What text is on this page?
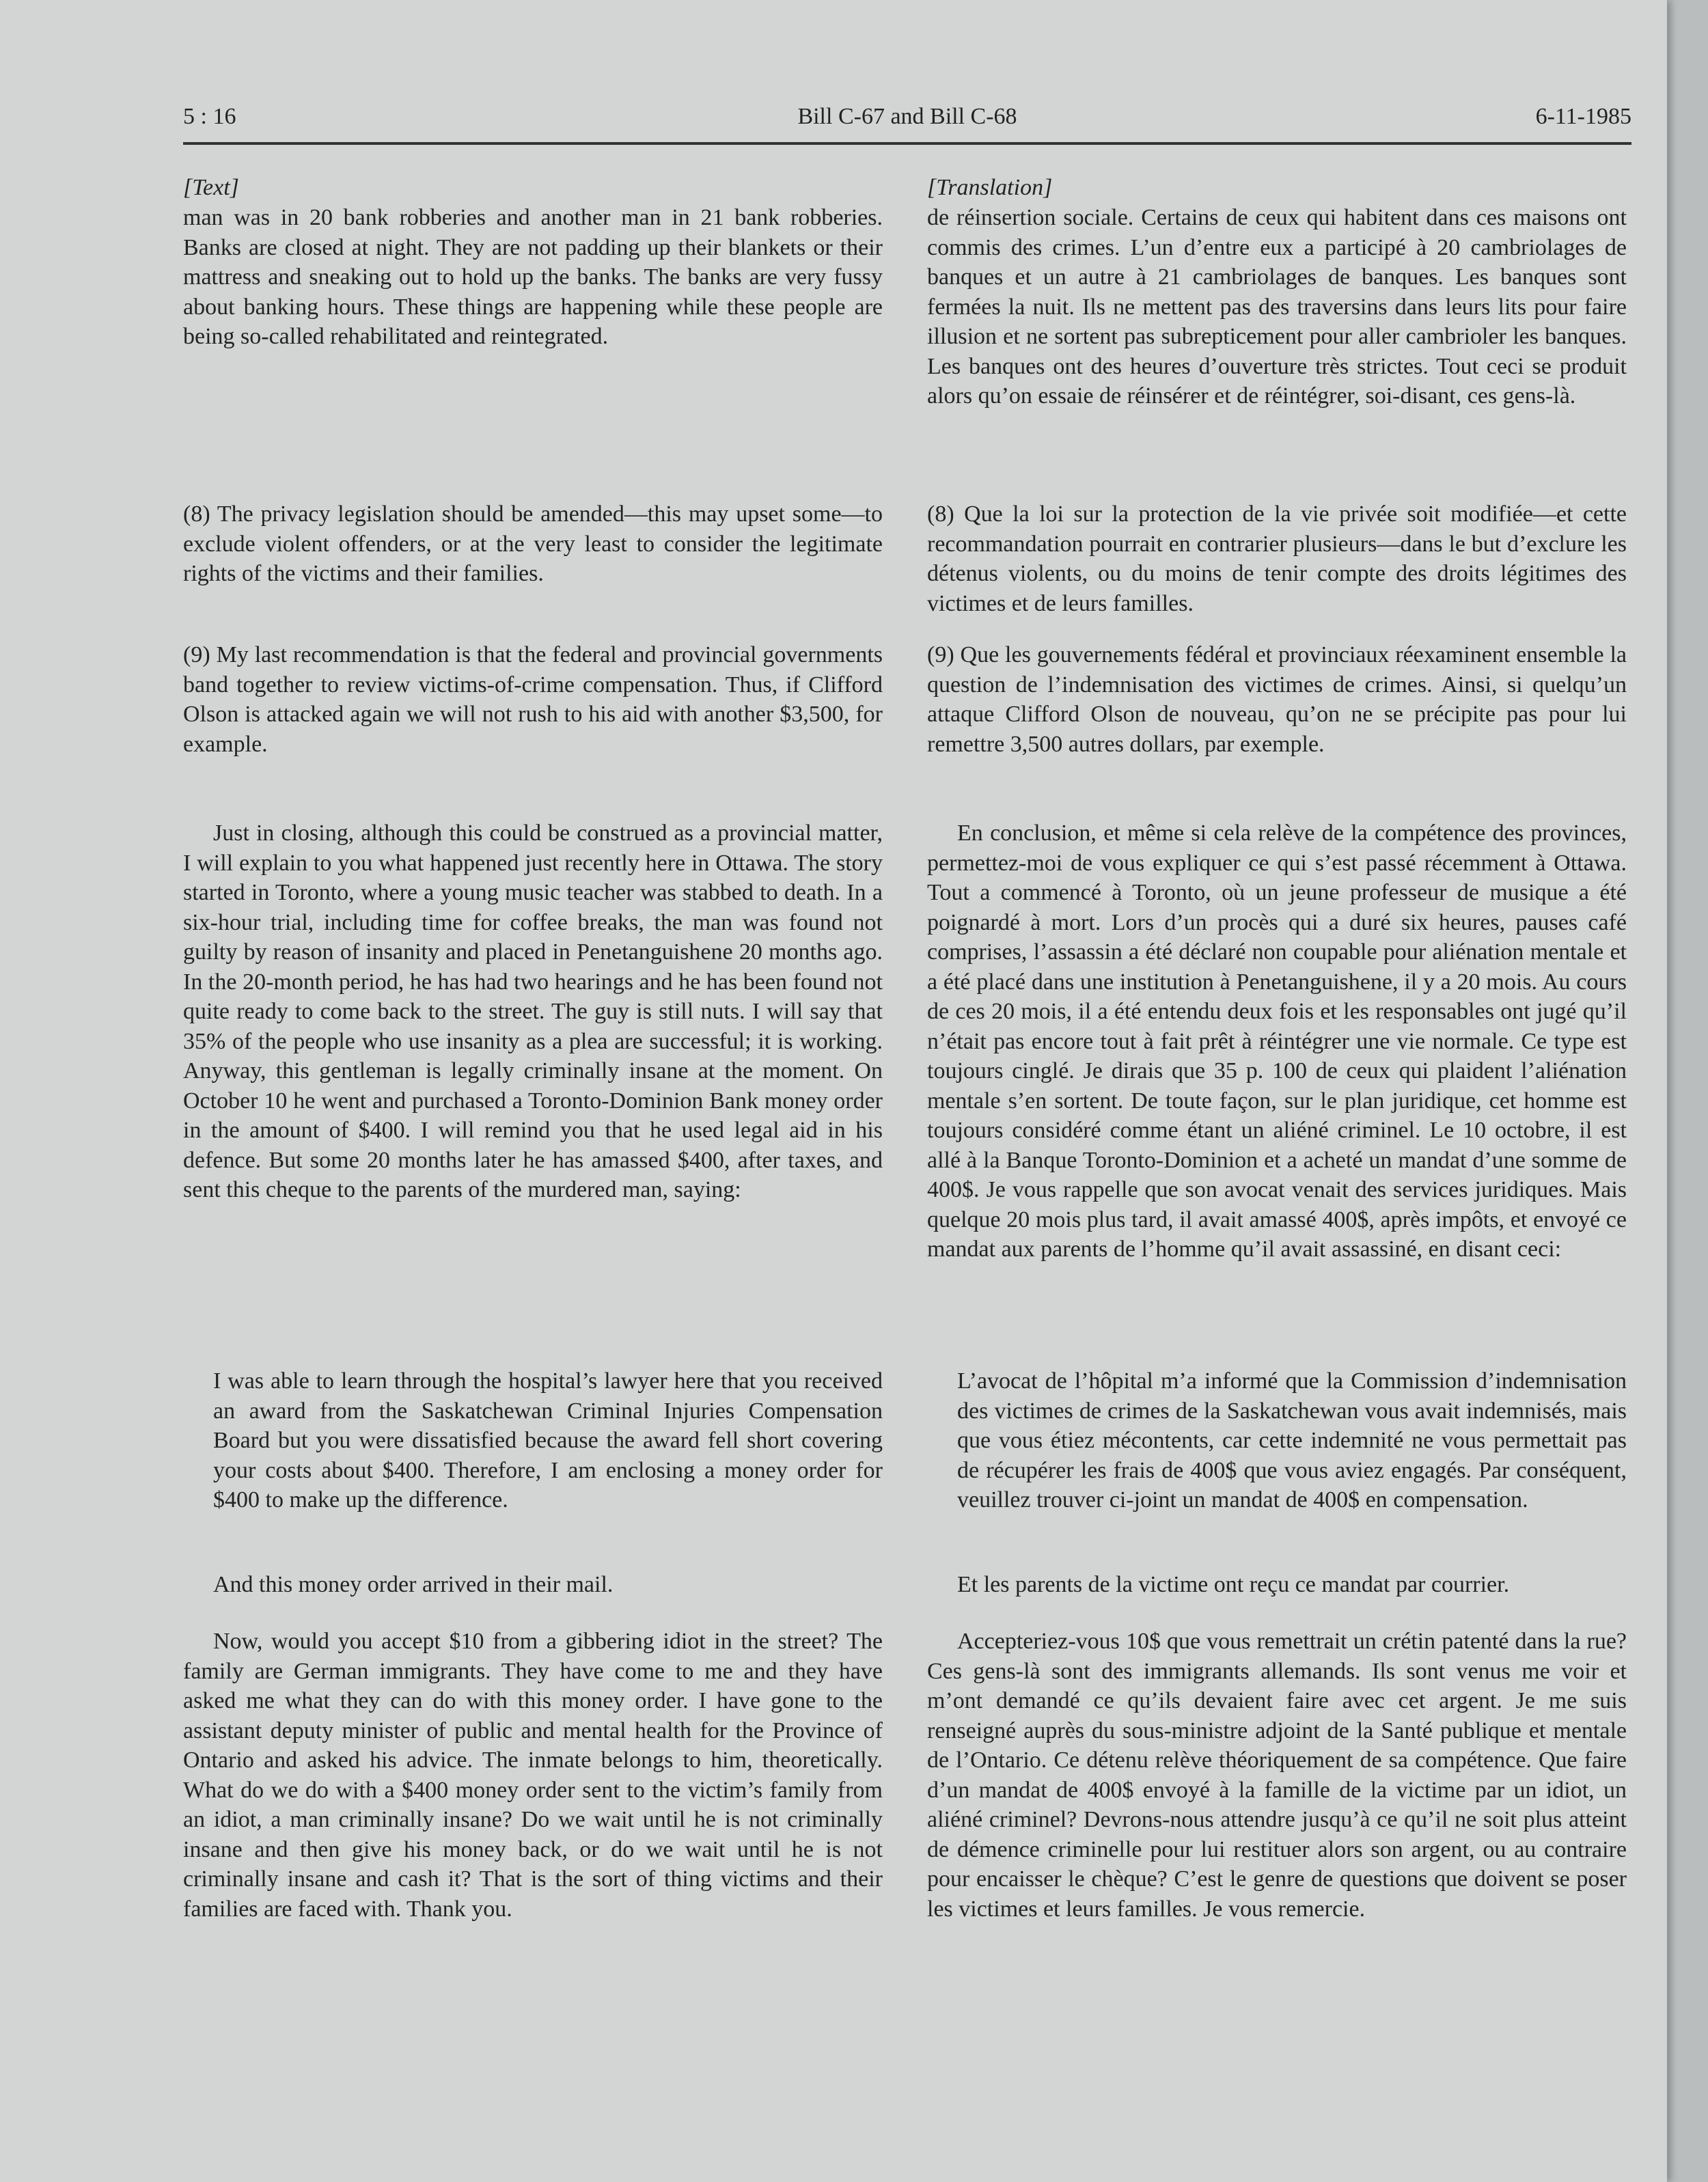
Bill C-67 and Bill C-68
5 : 16	6-11-1985
[Text]

man was in 20 bank robberies and another man in 21 bank robberies. Banks are closed at night. They are not padding up their blankets or their mattress and sneaking out to hold up the banks. The banks are very fussy about banking hours. These things are happening while these people are being so-called rehabilitated and reintegrated.

(8) The privacy legislation should be amended—this may upset some—to exclude violent offenders, or at the very least to consider the legitimate rights of the victims and their families.

(9) My last recommendation is that the federal and provincial governments band together to review victims-of-crime compensation. Thus, if Clifford Olson is attacked again we will not rush to his aid with another $3,500, for example.

Just in closing, although this could be construed as a provincial matter, I will explain to you what happened just recently here in Ottawa. The story started in Toronto, where a young music teacher was stabbed to death. In a six-hour trial, including time for coffee breaks, the man was found not guilty by reason of insanity and placed in Penetanguishene 20 months ago. In the 20-month period, he has had two hearings and he has been found not quite ready to come back to the street. The guy is still nuts. I will say that 35% of the people who use insanity as a plea are successful; it is working. Anyway, this gentleman is legally criminally insane at the moment. On October 10 he went and purchased a Toronto-Dominion Bank money order in the amount of $400. I will remind you that he used legal aid in his defence. But some 20 months later he has amassed $400, after taxes, and sent this cheque to the parents of the murdered man, saying:

I was able to learn through the hospital’s lawyer here that you received an award from the Saskatchewan Criminal Injuries Compensation Board but you were dissatisfied because the award fell short covering your costs about $400. Therefore, I am enclosing a money order for $400 to make up the difference.

And this money order arrived in their mail.

Now, would you accept $10 from a gibbering idiot in the street? The family are German immigrants. They have come to me and they have asked me what they can do with this money order. I have gone to the assistant deputy minister of public and mental health for the Province of Ontario and asked his advice. The inmate belongs to him, theoretically. What do we do with a $400 money order sent to the victim’s family from an idiot, a man criminally insane? Do we wait until he is not criminally insane and then give his money back, or do we wait until he is not criminally insane and cash it? That is the sort of thing victims and their families are faced with. Thank you.

[Translation]

de réinsertion sociale. Certains de ceux qui habitent dans ces maisons ont commis des crimes. L’un d’entre eux a participé à 20 cambriolages de banques et un autre à 21 cambriolages de banques. Les banques sont fermées la nuit. Ils ne mettent pas des traversins dans leurs lits pour faire illusion et ne sortent pas subrepticement pour aller cambrioler les banques. Les banques ont des heures d’ouverture très strictes. Tout ceci se produit alors qu’on essaie de réinsérer et de réintégrer, soi-disant, ces gens-là.

(8) Que la loi sur la protection de la vie privée soit modifiée—et cette recommandation pourrait en contrarier plusieurs—dans le but d’exclure les détenus violents, ou du moins de tenir compte des droits légitimes des victimes et de leurs familles.

(9) Que les gouvernements fédéral et provinciaux réexaminent ensemble la question de l’indemnisation des victimes de crimes. Ainsi, si quelqu’un attaque Clifford Olson de nouveau, qu’on ne se précipite pas pour lui remettre 3,500 autres dollars, par exemple.

En conclusion, et même si cela relève de la compétence des provinces, permettez-moi de vous expliquer ce qui s’est passé récemment à Ottawa. Tout a commencé à Toronto, où un jeune professeur de musique a été poignardé à mort. Lors d’un procès qui a duré six heures, pauses café comprises, l’assassin a été déclaré non coupable pour aliénation mentale et a été placé dans une institution à Penetanguishene, il y a 20 mois. Au cours de ces 20 mois, il a été entendu deux fois et les responsables ont jugé qu’il n’était pas encore tout à fait prêt à réintégrer une vie normale. Ce type est toujours cinglé. Je dirais que 35 p. 100 de ceux qui plaident l’aliénation mentale s’en sortent. De toute façon, sur le plan juridique, cet homme est toujours considéré comme étant un aliéné criminel. Le 10 octobre, il est allé à la Banque Toronto-Dominion et a acheté un mandat d’une somme de 400$. Je vous rappelle que son avocat venait des services juridiques. Mais quelque 20 mois plus tard, il avait amassé 400$, après impôts, et envoyé ce mandat aux parents de l’homme qu’il avait assassiné, en disant ceci:

L’avocat de l’hôpital m’a informé que la Commission d’indemnisation des victimes de crimes de la Saskatchewan vous avait indemnisés, mais que vous étiez mécontents, car cette indemnité ne vous permettait pas de récupérer les frais de 400$ que vous aviez engagés. Par conséquent, veuillez trouver ci-joint un mandat de 400$ en compensation.

Et les parents de la victime ont reçu ce mandat par courrier.

Accepteriez-vous 10$ que vous remettrait un crétin patenté dans la rue? Ces gens-là sont des immigrants allemands. Ils sont venus me voir et m’ont demandé ce qu’ils devaient faire avec cet argent. Je me suis renseigné auprès du sous-ministre adjoint de la Santé publique et mentale de l’Ontario. Ce détenu relève théoriquement de sa compétence. Que faire d’un mandat de 400$ envoyé à la famille de la victime par un idiot, un aliéné criminel? Devrons-nous attendre jusqu’à ce qu’il ne soit plus atteint de démence criminelle pour lui restituer alors son argent, ou au contraire pour encaisser le chèque? C’est le genre de questions que doivent se poser les victimes et leurs familles. Je vous remercie.
